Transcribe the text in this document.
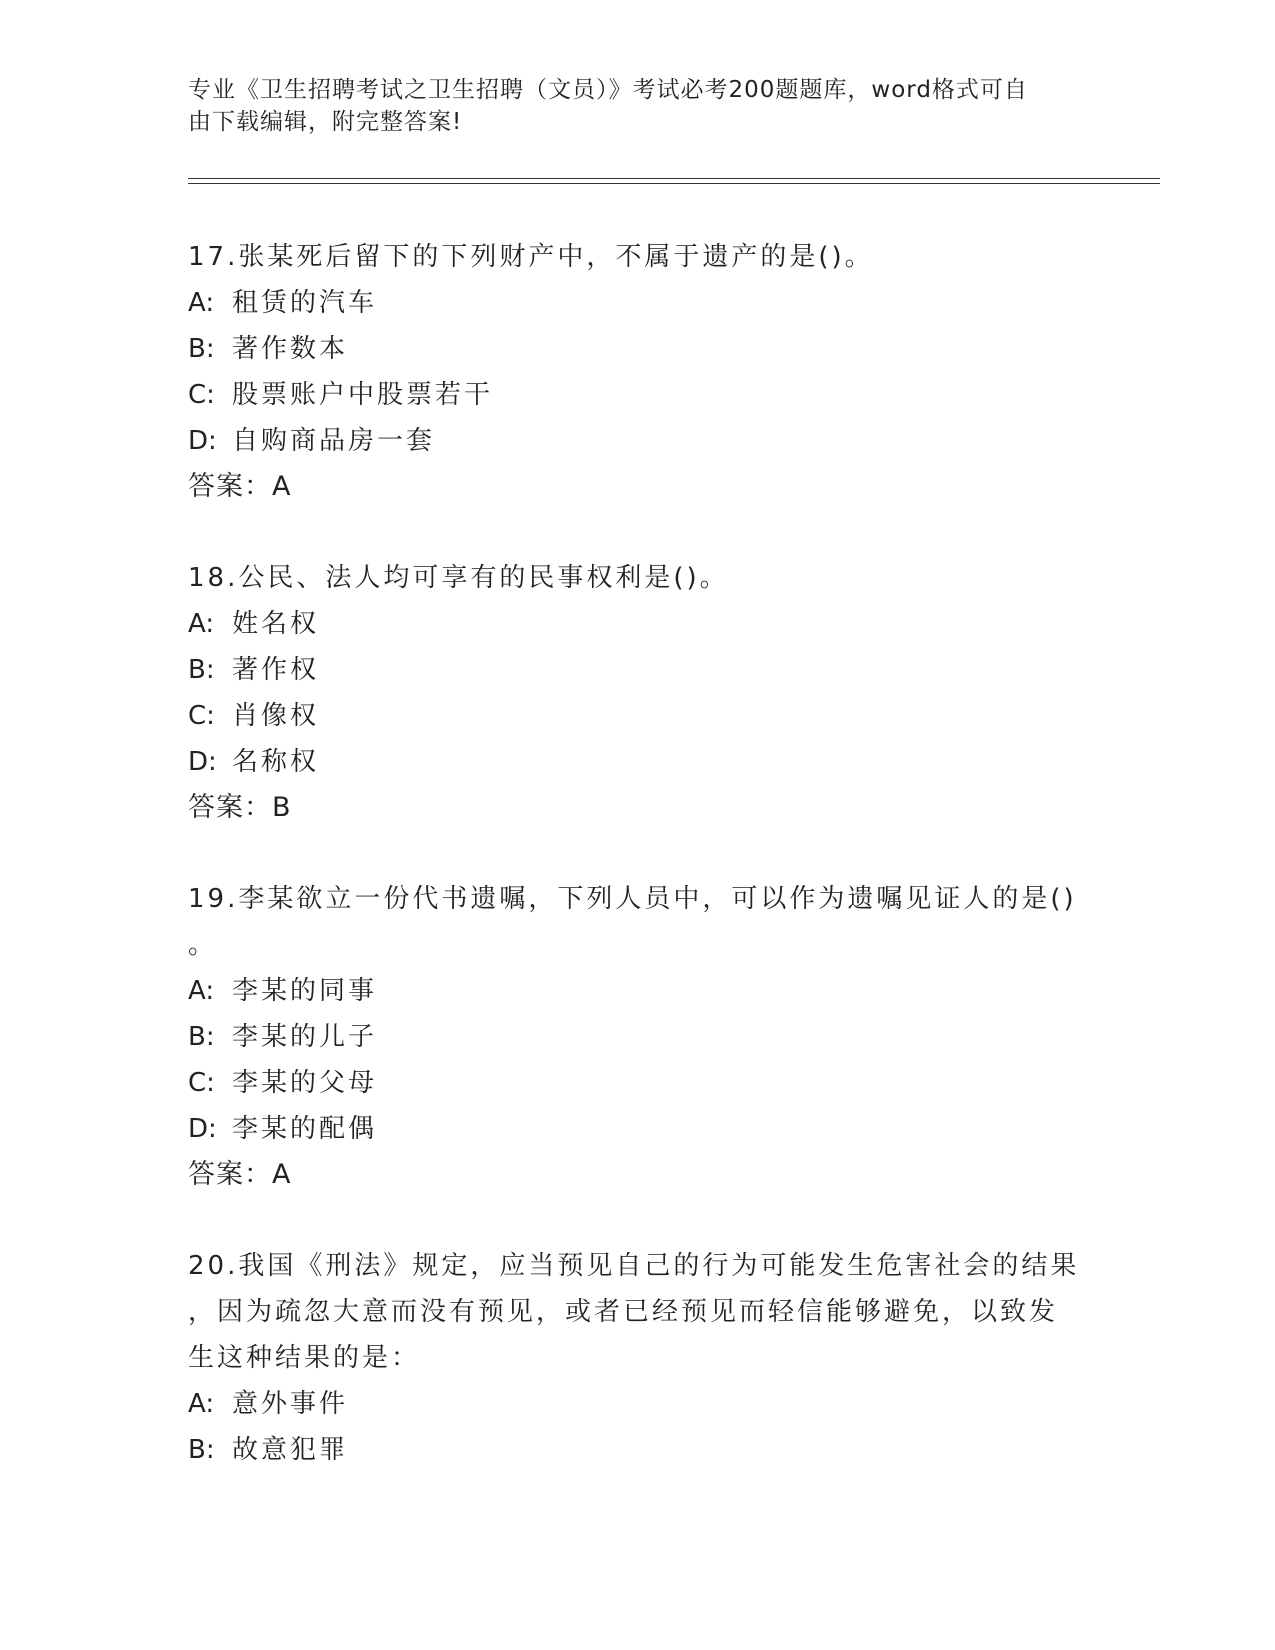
专业《卫生招聘考试之卫生招聘（文员）》考试必考200题题库，word格式可自
由下载编辑，附完整答案!

17.张某死后留下的下列财产中，不属于遗产的是()。

A: 租赁的汽车
B: 著作数本
C: 股票账户中股票若干
D: 自购商品房一套

答案：A

18.公民、法人均可享有的民事权利是()。

A: 姓名权
B: 著作权
C: 肖像权
D: 名称权

答案：B

19.李某欲立一份代书遗嘱，下列人员中，可以作为遗嘱见证人的是()

。

A: 李某的同事
B: 李某的儿子
C: 李某的父母
D: 李某的配偶

答案：A

20.我国《刑法》规定，应当预见自己的行为可能发生危害社会的结果

，因为疏忽大意而没有预见，或者已经预见而轻信能够避免，以致发

生这种结果的是：

A: 意外事件
B: 故意犯罪
